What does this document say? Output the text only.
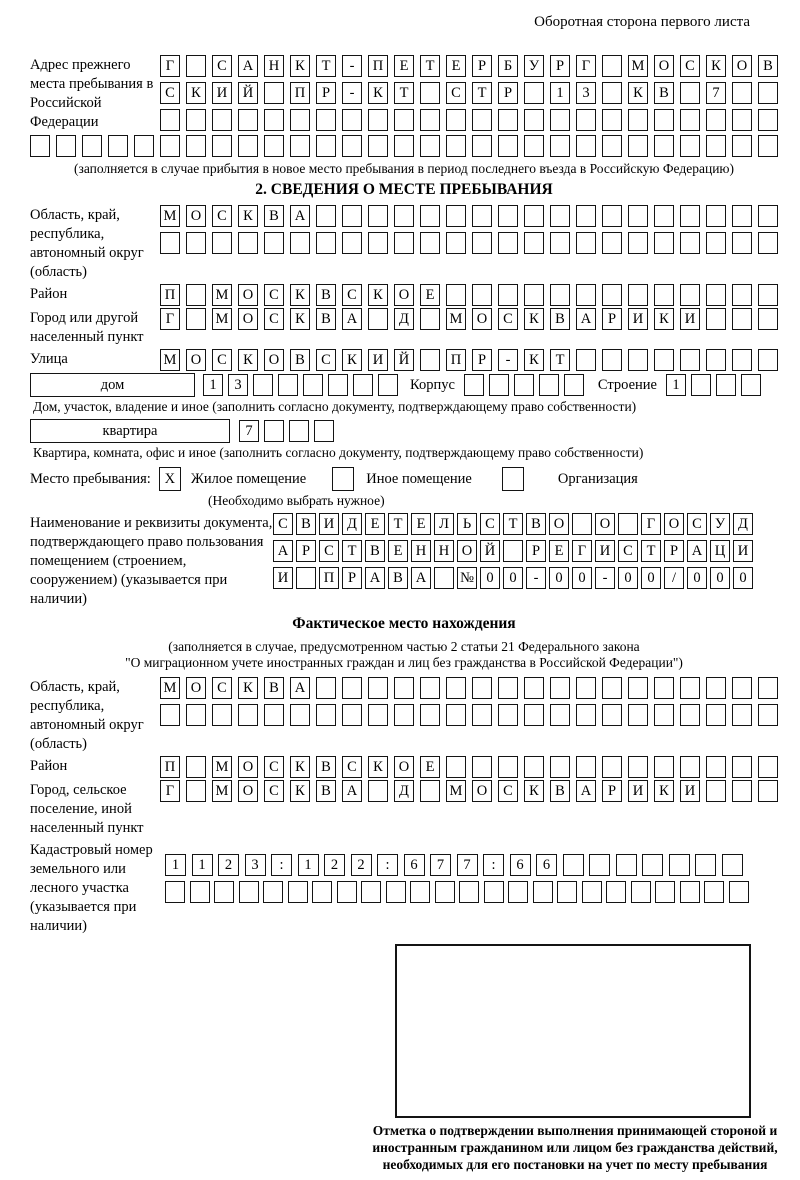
Оборотная сторона первого листа
Адрес прежнего места пребывания в Российской Федерации
Г	С	А	Н	К	Т	-	П	Е	Т	Е	Р	Б	У	Р	Г	М О	С	К	О	В
С	К	И	Й	П	Р	-	К	Т	С	Т	Р	1	3	К	В	7
(заполняется в случае прибытия в новое место пребывания в период последнего въезда в Российскую Федерацию)
2. СВЕДЕНИЯ О МЕСТЕ ПРЕБЫВАНИЯ
Область, край, республика, автономный округ (область)
М О	С	К	В	А
Район	П	М О	С	К	В	С	К	О	Е
Город или другой населенный пункт
Г	М О	С	К	В	А	Д	М О	С	К	В	А	Р	И	К	И
Улица	М О	С	К	О	В	С	К	И	Й	П	Р	-	К	Т
дом	1	3	Корпус	Строение	1
Дом, участок, владение и иное (заполнить согласно документу, подтверждающему право собственности)
квартира	7
Квартира, комната, офис и иное (заполнить согласно документу, подтверждающему право собственности)
Место пребывания: X	Жилое помещение	Иное помещение	Организация
(Необходимо выбрать нужное)
Наименование и реквизиты документа, подтверждающего право пользования помещением (строением, сооружением) (указывается при наличии)
С В И Д Е Т Е Л Ь С Т В О	О	Г О С У Д
А Р С Т В Е Н Н О Й	Р	Е Г И С Т	Р А Ц И
И	П Р А В А	№ 0	0	-	0	0	-	0	0	/	0	0	0
Фактическое место нахождения
(заполняется в случае, предусмотренном частью 2 статьи 21 Федерального закона
"О миграционном учете иностранных граждан и лиц без гражданства в Российской Федерации")
Область, край, республика, автономный округ (область)
М О	С	К	В	А
Район	П	М О	С	К	В	С	К	О	Е
Город, сельское поселение, иной населенный пункт
Г	М О	С	К	В	А	Д	М О	С	К	В	А	Р	И	К	И
Кадастровый номер земельного или лесного участка (указывается при наличии)
1	1	2	3	:	1	2	2	:	6	7	7	:	6	6
Отметка о подтверждении выполнения принимающей стороной и иностранным гражданином или лицом без гражданства действий, необходимых для его постановки на учет по месту пребывания
